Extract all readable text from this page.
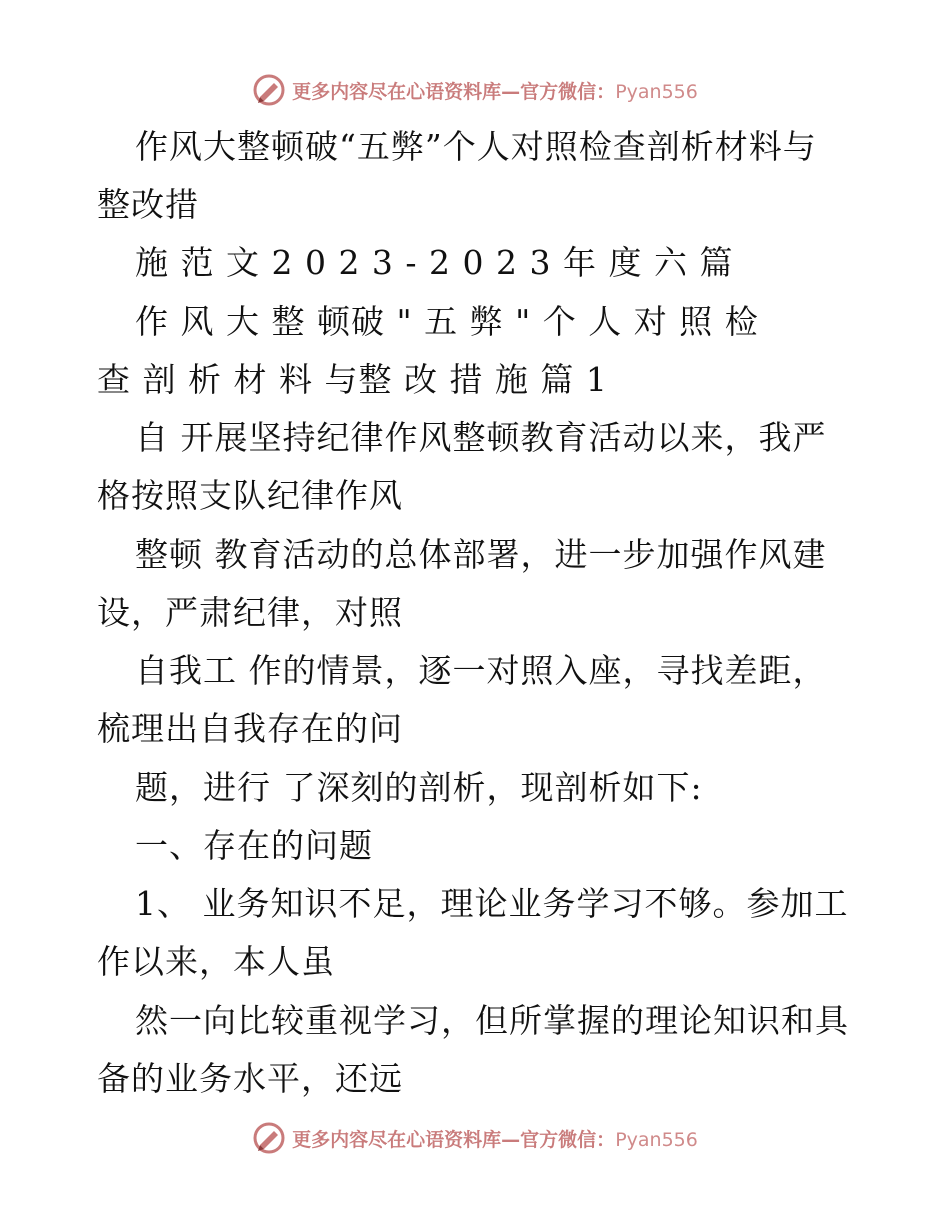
更多内容尽在心语资料库—官方微信：Pyan556
作风大整顿破“五弊”个人对照检查剖析材料与
整改措
施 范 文 2 0 2 3 - 2 0 2 3 年 度 六 篇
作 风 大 整 顿破 " 五 弊 " 个 人 对 照 检
查 剖 析 材 料 与整 改 措 施 篇 1
自 开展坚持纪律作风整顿教育活动以来，我严
格按照支队纪律作风
整顿 教育活动的总体部署，进一步加强作风建
设，严肃纪律，对照
自我工 作的情景，逐一对照入座，寻找差距，
梳理出自我存在的问
题，进行 了深刻的剖析，现剖析如下:
一、存在的问题
1、 业务知识不足，理论业务学习不够。参加工
作以来，本人虽
然一向比较重视学习，但所掌握的理论知识和具
备的业务水平，还远
更多内容尽在心语资料库—官方微信：Pyan556
